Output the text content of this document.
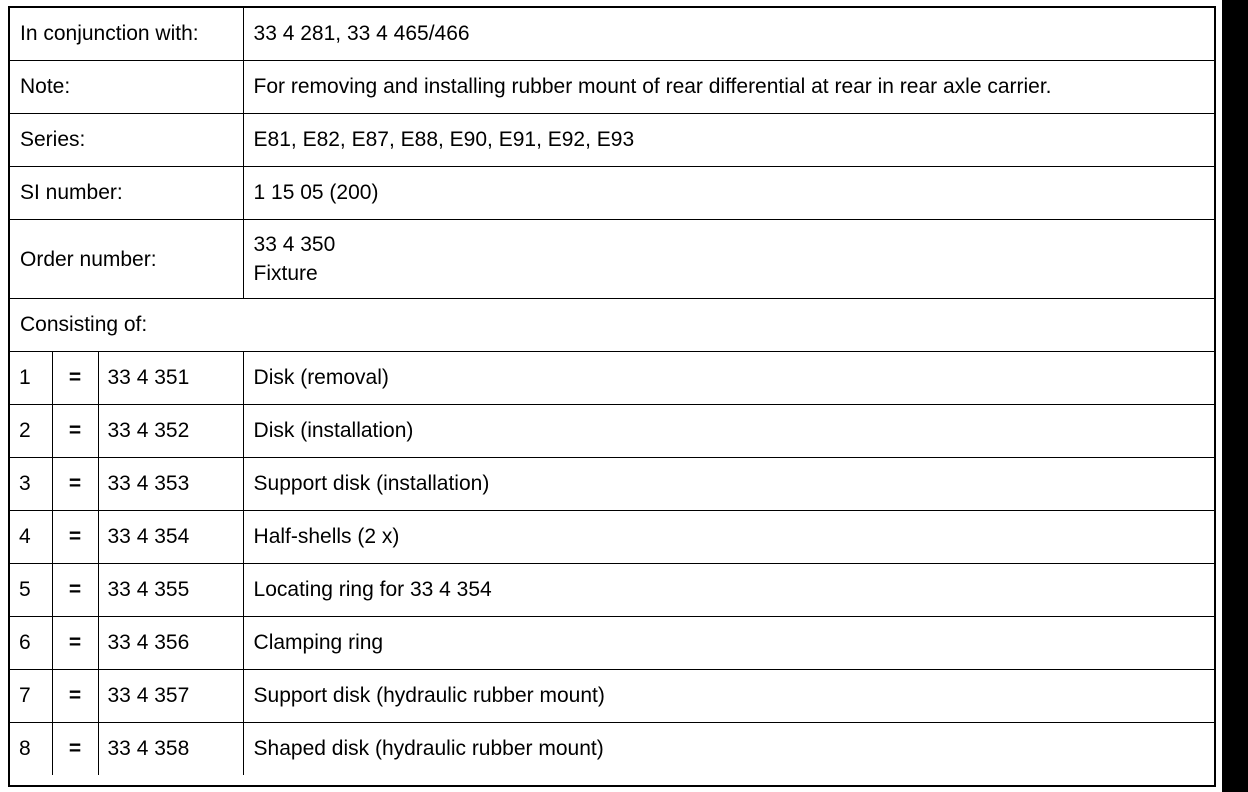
In conjunction with:			33 4 281, 33 4 465/466
Note:			For removing and installing rubber mount of rear differential at rear in rear axle carrier.
Series:			E81, E82, E87, E88, E90, E91, E92, E93
SI number:			1 15 05 (200)

Order number:			33 4 350
Fixture

Consisting of:			
1	=	33 4 351	Disk (removal)
2	=	33 4 352	Disk (installation)
3	=	33 4 353	Support disk (installation)
4	=	33 4 354	Half-shells (2 x)
5	=	33 4 355	Locating ring for 33 4 354
6	=	33 4 356	Clamping ring
7	=	33 4 357	Support disk (hydraulic rubber mount)
8	=	33 4 358	Shaped disk (hydraulic rubber mount)
